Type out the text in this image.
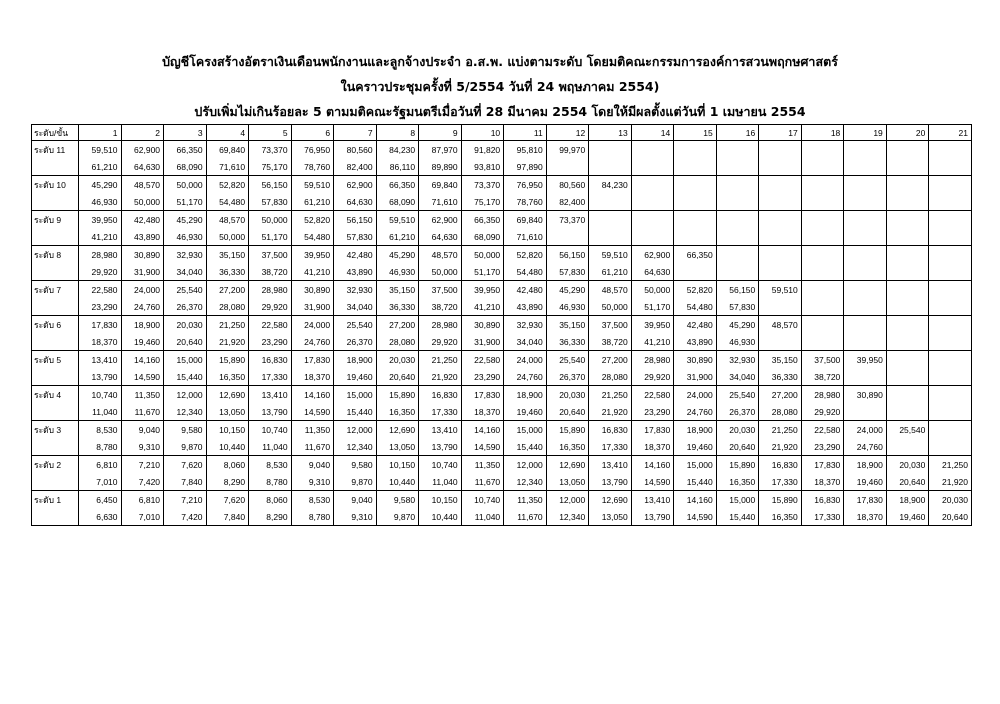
บัญชีโครงสร้างอัตราเงินเดือนพนักงานและลูกจ้างประจำ อ.ส.พ. แบ่งตามระดับ โดยมติคณะกรรมการองค์การสวนพฤกษศาสตร์
ในคราวประชุมครั้งที่ 5/2554 วันที่ 24 พฤษภาคม 2554)
ปรับเพิ่มไม่เกินร้อยละ 5 ตามมติคณะรัฐมนตรีเมื่อวันที่ 28 มีนาคม 2554 โดยให้มีผลตั้งแต่วันที่ 1 เมษายน 2554
ระดับ/ขั้น	1	2	3	4	5	6	7	8	9	10	11	12	13	14	15	16	17	18	19	20	21
ระดับ 11	59,510	62,900	66,350	69,840	73,370	76,950	80,560	84,230	87,970	91,820	95,810	99,970									
	61,210	64,630	68,090	71,610	75,170	78,760	82,400	86,110	89,890	93,810	97,890										
ระดับ 10	45,290	48,570	50,000	52,820	56,150	59,510	62,900	66,350	69,840	73,370	76,950	80,560	84,230								
	46,930	50,000	51,170	54,480	57,830	61,210	64,630	68,090	71,610	75,170	78,760	82,400									
ระดับ 9	39,950	42,480	45,290	48,570	50,000	52,820	56,150	59,510	62,900	66,350	69,840	73,370									
	41,210	43,890	46,930	50,000	51,170	54,480	57,830	61,210	64,630	68,090	71,610										
ระดับ 8	28,980	30,890	32,930	35,150	37,500	39,950	42,480	45,290	48,570	50,000	52,820	56,150	59,510	62,900	66,350						
	29,920	31,900	34,040	36,330	38,720	41,210	43,890	46,930	50,000	51,170	54,480	57,830	61,210	64,630							
ระดับ 7	22,580	24,000	25,540	27,200	28,980	30,890	32,930	35,150	37,500	39,950	42,480	45,290	48,570	50,000	52,820	56,150	59,510				
	23,290	24,760	26,370	28,080	29,920	31,900	34,040	36,330	38,720	41,210	43,890	46,930	50,000	51,170	54,480	57,830					
ระดับ 6	17,830	18,900	20,030	21,250	22,580	24,000	25,540	27,200	28,980	30,890	32,930	35,150	37,500	39,950	42,480	45,290	48,570				
	18,370	19,460	20,640	21,920	23,290	24,760	26,370	28,080	29,920	31,900	34,040	36,330	38,720	41,210	43,890	46,930					
ระดับ 5	13,410	14,160	15,000	15,890	16,830	17,830	18,900	20,030	21,250	22,580	24,000	25,540	27,200	28,980	30,890	32,930	35,150	37,500	39,950		
	13,790	14,590	15,440	16,350	17,330	18,370	19,460	20,640	21,920	23,290	24,760	26,370	28,080	29,920	31,900	34,040	36,330	38,720			
ระดับ 4	10,740	11,350	12,000	12,690	13,410	14,160	15,000	15,890	16,830	17,830	18,900	20,030	21,250	22,580	24,000	25,540	27,200	28,980	30,890		
	11,040	11,670	12,340	13,050	13,790	14,590	15,440	16,350	17,330	18,370	19,460	20,640	21,920	23,290	24,760	26,370	28,080	29,920			
ระดับ 3	8,530	9,040	9,580	10,150	10,740	11,350	12,000	12,690	13,410	14,160	15,000	15,890	16,830	17,830	18,900	20,030	21,250	22,580	24,000	25,540	
	8,780	9,310	9,870	10,440	11,040	11,670	12,340	13,050	13,790	14,590	15,440	16,350	17,330	18,370	19,460	20,640	21,920	23,290	24,760		
ระดับ 2	6,810	7,210	7,620	8,060	8,530	9,040	9,580	10,150	10,740	11,350	12,000	12,690	13,410	14,160	15,000	15,890	16,830	17,830	18,900	20,030	21,250
	7,010	7,420	7,840	8,290	8,780	9,310	9,870	10,440	11,040	11,670	12,340	13,050	13,790	14,590	15,440	16,350	17,330	18,370	19,460	20,640	21,920
ระดับ 1	6,450	6,810	7,210	7,620	8,060	8,530	9,040	9,580	10,150	10,740	11,350	12,000	12,690	13,410	14,160	15,000	15,890	16,830	17,830	18,900	20,030
	6,630	7,010	7,420	7,840	8,290	8,780	9,310	9,870	10,440	11,040	11,670	12,340	13,050	13,790	14,590	15,440	16,350	17,330	18,370	19,460	20,640
